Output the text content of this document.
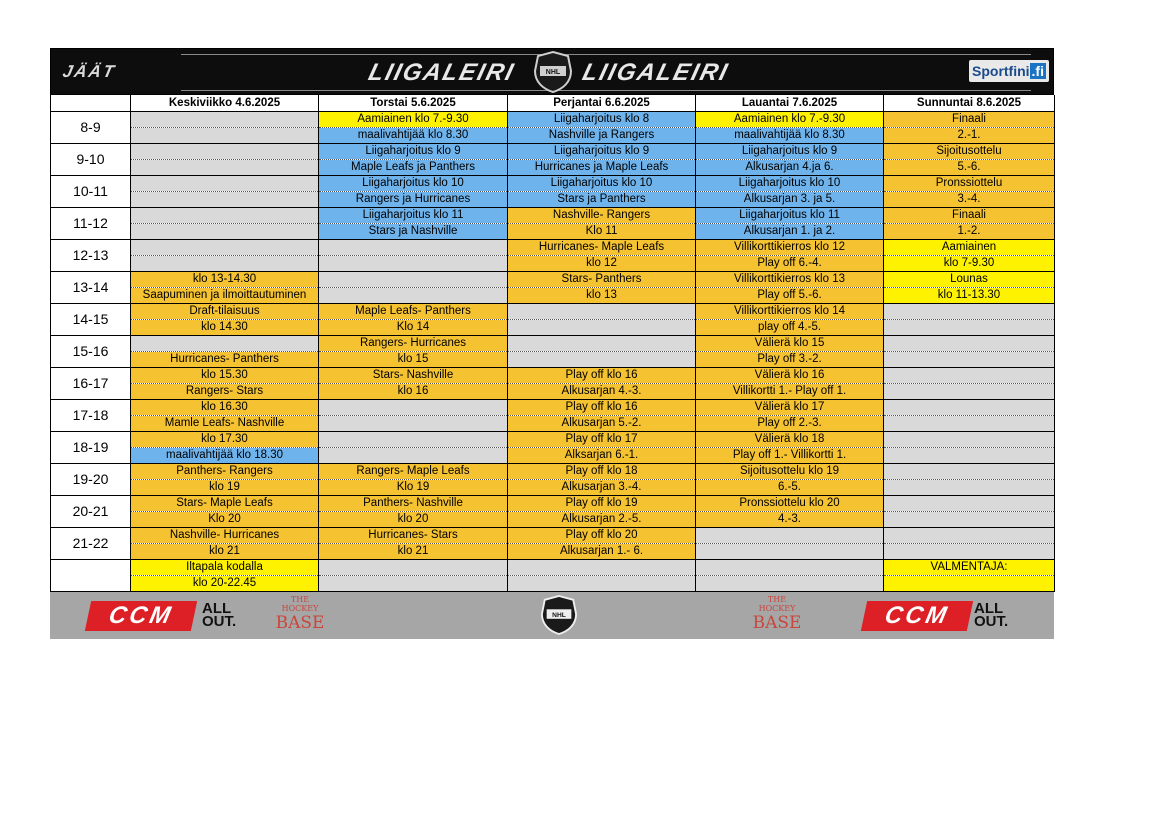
JÄÄT	LIIGALEIRI	NHL LIIGALEIRI	Sportfini .fi
	Keskiviikko 4.6.2025	Torstai 5.6.2025	Perjantai 6.6.2025	Lauantai 7.6.2025	Sunnuntai 8.6.2025
8-9		Aamiainen klo 7.-9.30	Liigaharjoitus klo 8	Aamiainen klo 7.-9.30	Finaali
		maalivahtijää klo 8.30	Nashville ja Rangers	maalivahtijää klo 8.30	2.-1.
9-10		Liigaharjoitus klo 9	Liigaharjoitus klo 9	Liigaharjoitus klo 9	Sijoitusottelu
		Maple Leafs ja Panthers	Hurricanes ja Maple Leafs	Alkusarjan 4.ja 6.	5.-6.
10-11		Liigaharjoitus klo 10	Liigaharjoitus klo 10	Liigaharjoitus klo 10	Pronssiottelu
		Rangers ja Hurricanes	Stars ja Panthers	Alkusarjan 3. ja 5.	3.-4.
11-12		Liigaharjoitus klo 11	Nashville- Rangers	Liigaharjoitus klo 11	Finaali
		Stars ja Nashville	Klo 11	Alkusarjan 1. ja 2.	1.-2.
12-13			Hurricanes- Maple Leafs	Villikorttikierros klo 12	Aamiainen
			klo 12	Play off 6.-4.	klo 7-9.30
13-14	klo 13-14.30		Stars- Panthers	Villikorttikierros klo 13	Lounas
	Saapuminen ja ilmoittautuminen		klo 13	Play off 5.-6.	klo 11-13.30
14-15	Draft-tilaisuus	Maple Leafs- Panthers		Villikorttikierros klo 14	
	klo 14.30	Klo 14		play off 4.-5.	
15-16		Rangers- Hurricanes		Välierä klo 15	
	Hurricanes- Panthers	klo 15		Play off 3.-2.	
16-17	klo 15.30	Stars- Nashville	Play off klo 16	Välierä klo 16	
	Rangers- Stars	klo 16	Alkusarjan 4.-3.	Villikortti 1.- Play off 1.	
17-18	klo 16.30		Play off klo 16	Välierä klo 17	
	Mamle Leafs- Nashville		Alkusarjan 5.-2.	Play off 2.-3.	
18-19	klo 17.30		Play off klo 17	Välierä klo 18	
	maalivahtijää klo 18.30		Alksarjan 6.-1.	Play off 1.- Villikortti 1.	
19-20	Panthers- Rangers	Rangers- Maple Leafs	Play off klo 18	Sijoitusottelu klo 19	
	klo 19	Klo 19	Alkusarjan 3.-4.	6.-5.	
20-21	Stars- Maple Leafs	Panthers- Nashville	Play off klo 19	Pronssiottelu klo 20	
	Klo 20	klo 20	Alkusarjan 2.-5.	4.-3.	
21-22	Nashville- Hurricanes	Hurricanes- Stars	Play off klo 20		
	klo 21	klo 21	Alkusarjan 1.- 6.		
	Iltapala kodalla				VALMENTAJA:
	klo 20-22.45				
CCM	ALL
OUT.
THE
HOCKEY
BASE	NHL
THE
HOCKEY
BASE	CCM	ALL
OUT.
